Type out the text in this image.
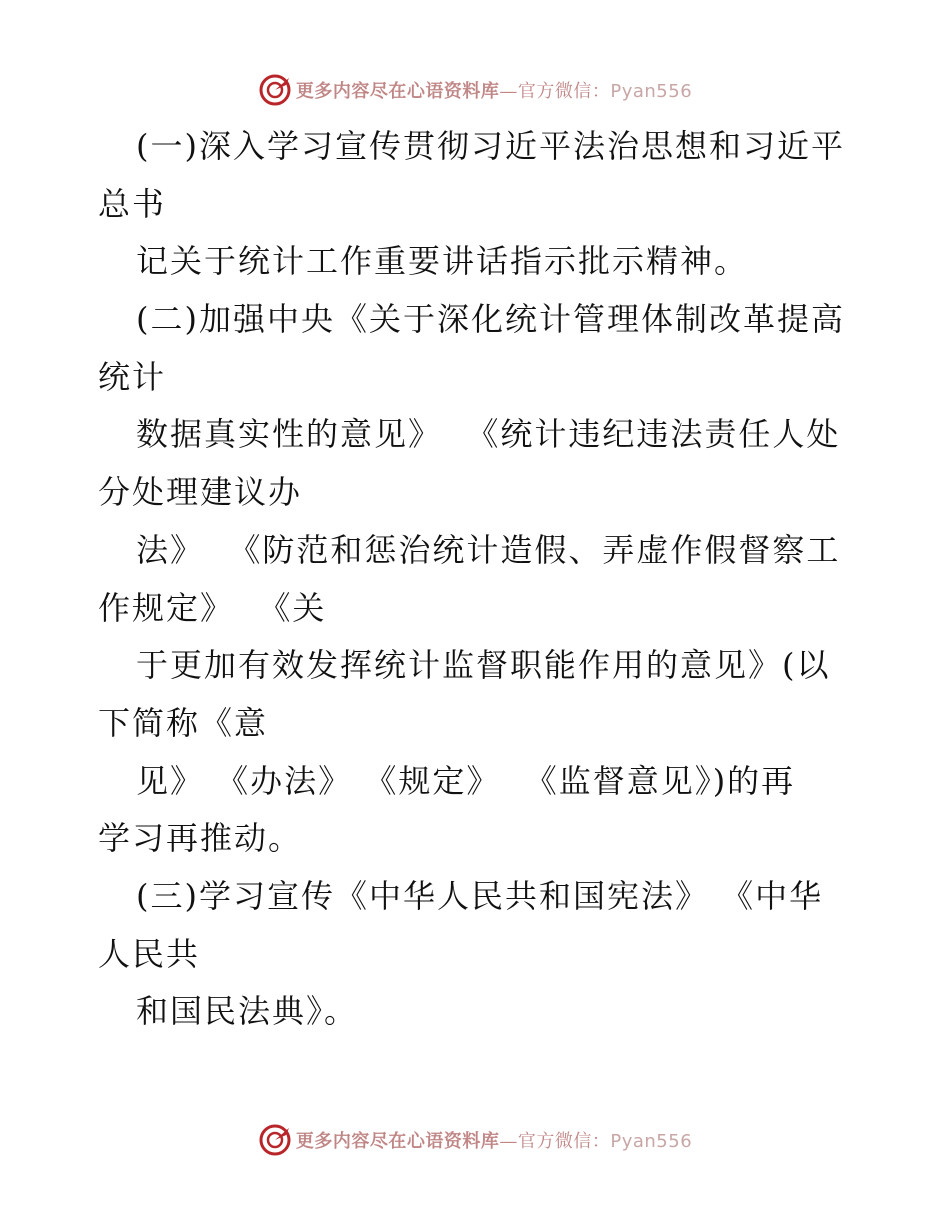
更多内容尽在心语资料库—官方微信：Pyan556
(一)深入学习宣传贯彻习近平法治思想和习近平
总书
记关于统计工作重要讲话指示批示精神。
(二)加强中央《关于深化统计管理体制改革提高
统计
数据真实性的意见》  《统计违纪违法责任人处
分处理建议办
法》  《防范和惩治统计造假、弄虚作假督察工
作规定》  《关
于更加有效发挥统计监督职能作用的意见》(以
下简称《意
见》 《办法》 《规定》  《监督意见》)的再
学习再推动。
(三)学习宣传《中华人民共和国宪法》 《中华
人民共
和国民法典》。
更多内容尽在心语资料库—官方微信：Pyan556
